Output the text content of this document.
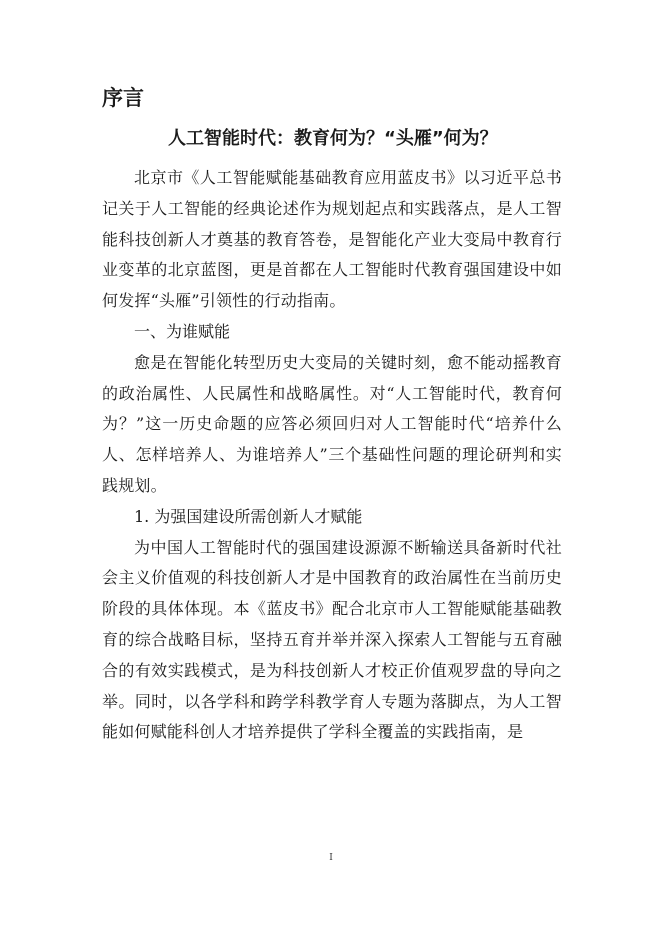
序言
人工智能时代：教育何为？“头雁”何为？

北京市《人工智能赋能基础教育应用蓝皮书》以习近平总书记关于人工智能的经典论述作为规划起点和实践落点，是人工智能科技创新人才奠基的教育答卷，是智能化产业大变局中教育行业变革的北京蓝图，更是首都在人工智能时代教育强国建设中如何发挥“头雁”引领性的行动指南。

一、为谁赋能

愈是在智能化转型历史大变局的关键时刻，愈不能动摇教育的政治属性、人民属性和战略属性。对“人工智能时代，教育何为？”这一历史命题的应答必须回归对人工智能时代“培养什么人、怎样培养人、为谁培养人”三个基础性问题的理论研判和实践规划。

1. 为强国建设所需创新人才赋能

为中国人工智能时代的强国建设源源不断输送具备新时代社会主义价值观的科技创新人才是中国教育的政治属性在当前历史阶段的具体体现。本《蓝皮书》配合北京市人工智能赋能基础教育的综合战略目标，坚持五育并举并深入探索人工智能与五育融合的有效实践模式，是为科技创新人才校正价值观罗盘的导向之举。同时，以各学科和跨学科教学育人专题为落脚点，为人工智能如何赋能科创人才培养提供了学科全覆盖的实践指南，是

I
